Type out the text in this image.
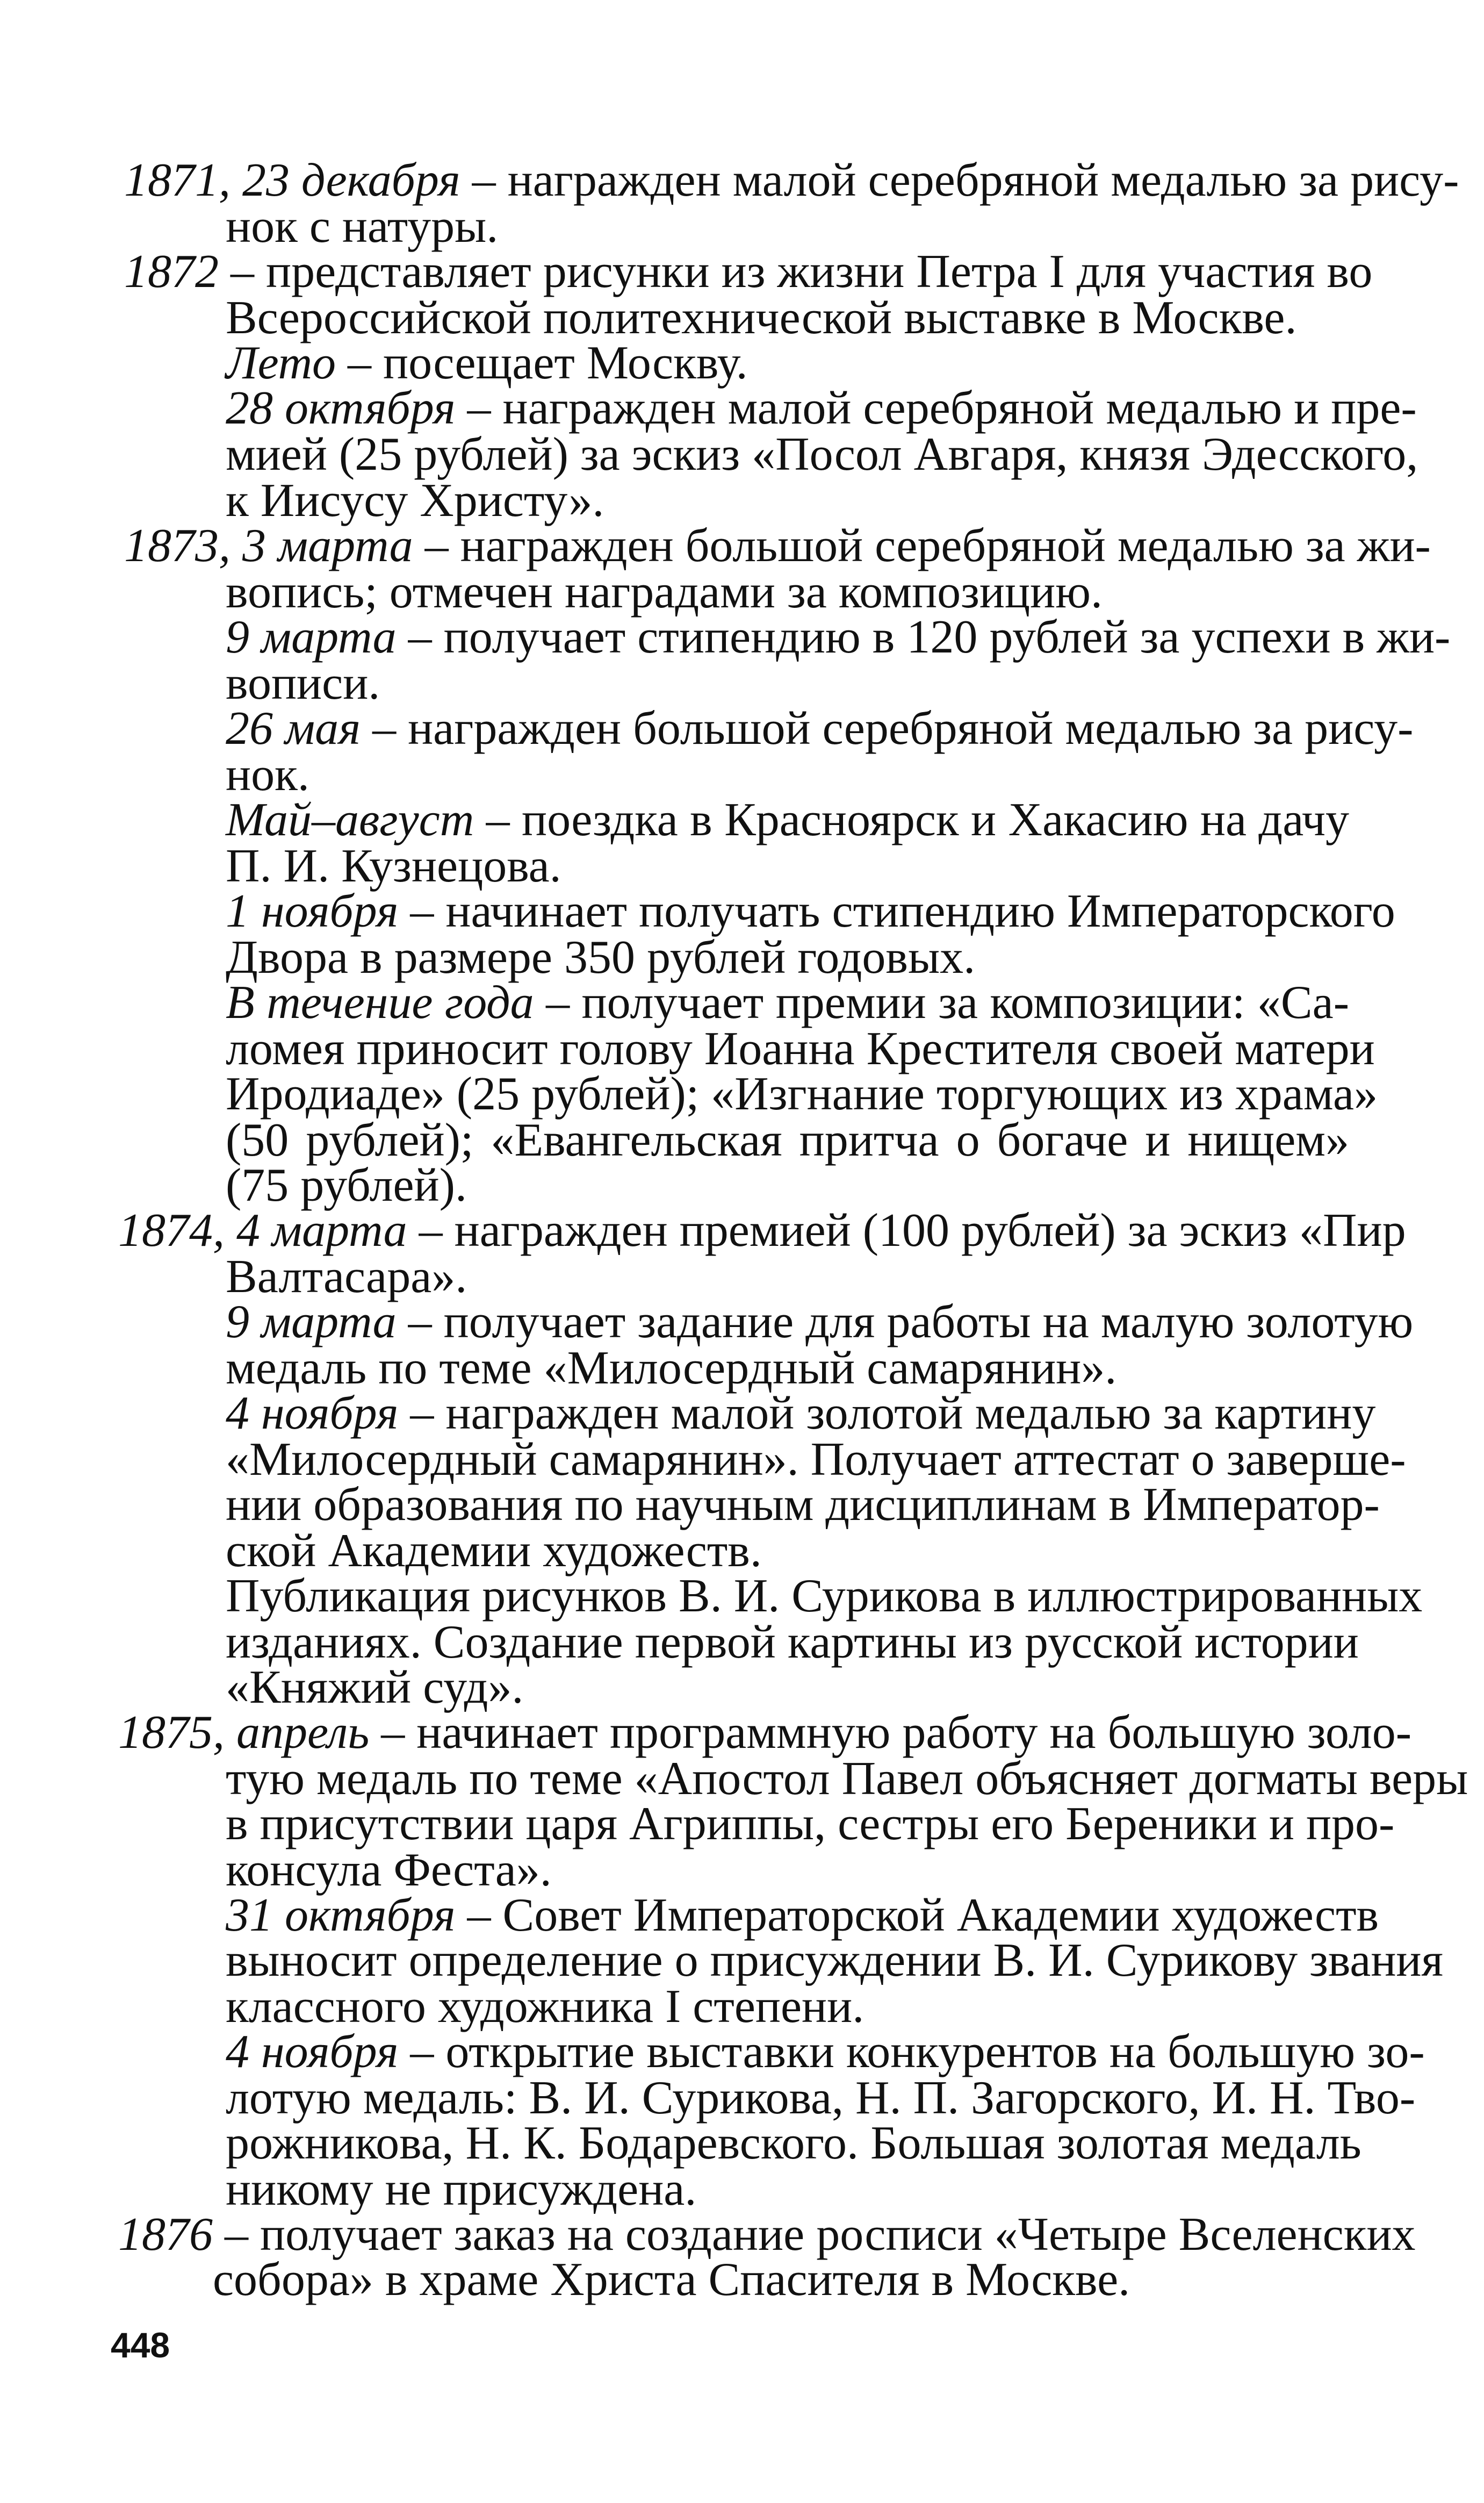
1871, 23 декабря – награжден малой серебряной медалью за рису-
нок с натуры.
1872 – представляет рисунки из жизни Петра I для участия во
Всероссийской политехнической выставке в Москве.
Лето – посещает Москву.
28 октября – награжден малой серебряной медалью и пре-
мией (25 рублей) за эскиз «Посол Авгаря, князя Эдесского,
к Иисусу Христу».
1873, 3 марта – награжден большой серебряной медалью за жи-
вопись; отмечен наградами за композицию.
9 марта – получает стипендию в 120 рублей за успехи в жи-
вописи.
26 мая – награжден большой серебряной медалью за рису-
нок.
Май–август – поездка в Красноярск и Хакасию на дачу
П. И. Кузнецова.
1 ноября – начинает получать стипендию Императорского
Двора в размере 350 рублей годовых.
В течение года – получает премии за композиции: «Са-
ломея приносит голову Иоанна Крестителя своей матери
Иродиаде» (25 рублей); «Изгнание торгующих из храма»
(50 рублей); «Евангельская притча о богаче и нищем»
(75 рублей).
1874, 4 марта – награжден премией (100 рублей) за эскиз «Пир
Валтасара».
9 марта – получает задание для работы на малую золотую
медаль по теме «Милосердный самарянин».
4 ноября – награжден малой золотой медалью за картину
«Милосердный самарянин». Получает аттестат о заверше-
нии образования по научным дисциплинам в Император-
ской Академии художеств.
Публикация рисунков В. И. Сурикова в иллюстрированных
изданиях. Создание первой картины из русской истории
«Княжий суд».
1875, апрель – начинает программную работу на большую золо-
тую медаль по теме «Апостол Павел объясняет догматы веры
в присутствии царя Агриппы, сестры его Береники и про-
консула Феста».
31 октября – Совет Императорской Академии художеств
выносит определение о присуждении В. И. Сурикову звания
классного художника I степени.
4 ноября – открытие выставки конкурентов на большую зо-
лотую медаль: В. И. Сурикова, Н. П. Загорского, И. Н. Тво-
рожникова, Н. К. Бодаревского. Большая золотая медаль
никому не присуждена.
1876 – получает заказ на создание росписи «Четыре Вселенских
собора» в храме Христа Спасителя в Москве.
448
